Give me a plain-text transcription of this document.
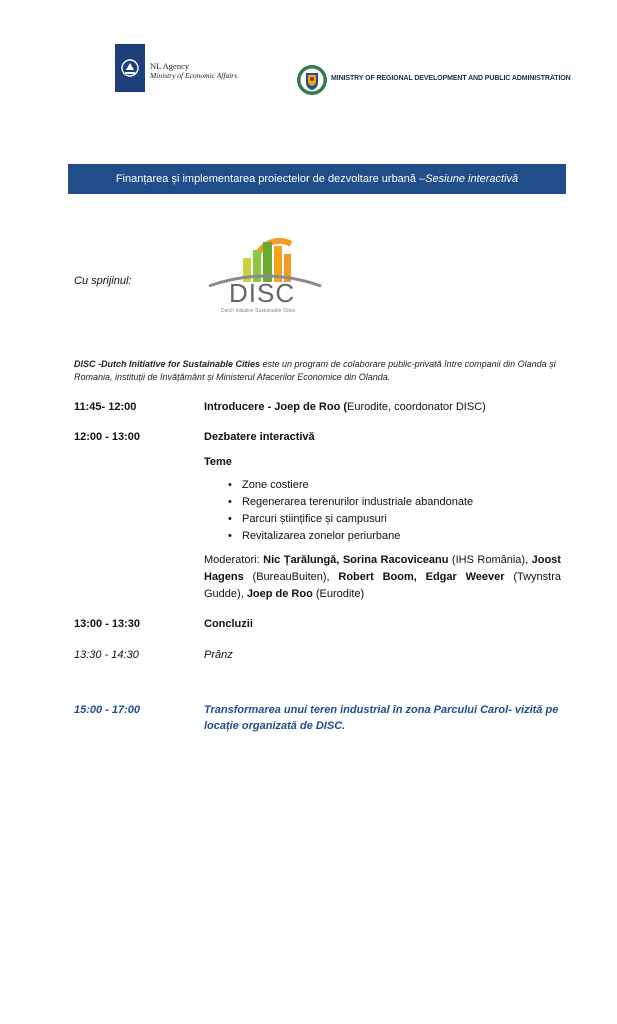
NL Agency
Ministry of Economic Affairs	MINISTRY OF REGIONAL DEVELOPMENT AND PUBLIC ADMINISTRATION
Finanțarea și implementarea proiectelor de dezvoltare urbană – Sesiune interactivă
Cu sprijinul:	DISC
Dutch Initiative Sustainable Cities
DISC -Dutch Initiative for Sustainable Cities este un program de colaborare public-privată între companii din Olanda și Romania, instituții de învățământ și Ministerul Afacerilor Economice din Olanda.
11:45- 12:00	Introducere - Joep de Roo (Eurodite, coordonator DISC)
12:00 - 13:00	Dezbatere interactivă
Teme
• Zone costiere
• Regenerarea terenurilor industriale abandonate
• Parcuri științifice și campusuri
• Revitalizarea zonelor periurbane
Moderatori: Nic Țarălungă, Sorina Racoviceanu (IHS România), Joost Hagens (BureauBuiten), Robert Boom, Edgar Weever (Twynstra Gudde), Joep de Roo (Eurodite)
13:00 - 13:30	Concluzii
13:30 - 14:30	Prânz
15:00 - 17:00	Transformarea unui teren industrial în zona Parcului Carol- vizită pe locație organizată de DISC.
